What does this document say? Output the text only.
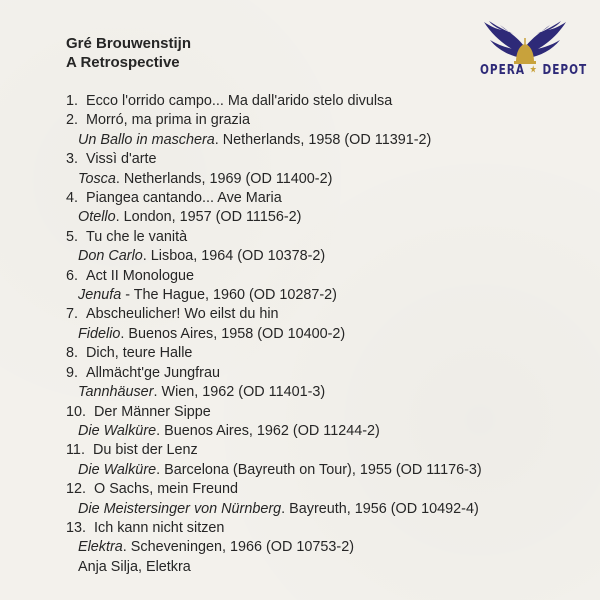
Gré Brouwenstijn
A Retrospective	OPERA ★ DEPOT
1. Ecco l'orrido campo... Ma dall'arido stelo divulsa
2. Morró, ma prima in grazia
Un Ballo in maschera. Netherlands, 1958 (OD 11391-2)
3. Vissì d'arte
Tosca. Netherlands, 1969 (OD 11400-2)
4. Piangea cantando... Ave Maria
Otello. London, 1957 (OD 11156-2)
5. Tu che le vanità
Don Carlo. Lisboa, 1964 (OD 10378-2)
6. Act II Monologue
Jenufa - The Hague, 1960 (OD 10287-2)
7. Abscheulicher! Wo eilst du hin
Fidelio. Buenos Aires, 1958 (OD 10400-2)
8. Dich, teure Halle
9. Allmächt'ge Jungfrau
Tannhäuser. Wien, 1962 (OD 11401-3)
10. Der Männer Sippe
Die Walküre. Buenos Aires, 1962 (OD 11244-2)
11. Du bist der Lenz
Die Walküre. Barcelona (Bayreuth on Tour), 1955 (OD 11176-3)
12. O Sachs, mein Freund
Die Meistersinger von Nürnberg. Bayreuth, 1956 (OD 10492-4)
13. Ich kann nicht sitzen
Elektra. Scheveningen, 1966 (OD 10753-2)
Anja Silja, Eletkra
